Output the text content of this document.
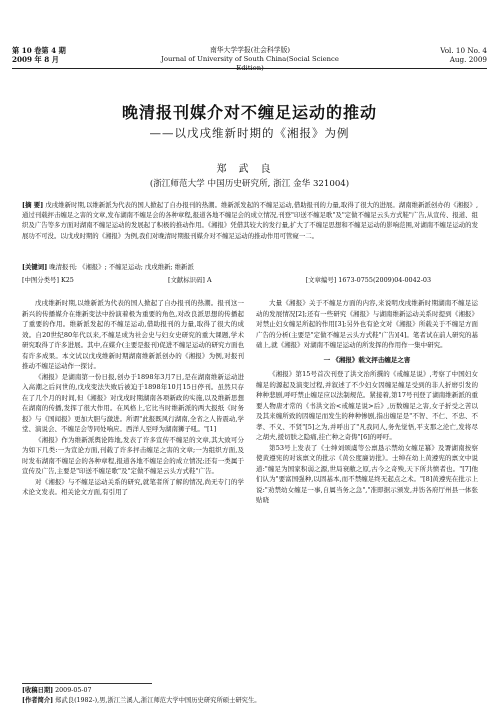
第 10 卷第 4 期
2009 年 8 月
南华大学学报(社会科学版)
Journal of University of South China(Social Science Edition)
Vol. 10 No. 4
Aug. 2009
晚清报刊媒介对不缠足运动的推动
——以戊戌维新时期的《湘报》为例
郑武良
(浙江师范大学 中国历史研究所, 浙江 金华 321004)
[摘 要] 戊戌维新时期,以维新派为代表的国人掀起了自办报刊的热潮。维新派发起的不缠足运动,借助报刊的力量,取得了很大的进展。湖南维新派创办的《湘报》,通过刊载抨击缠足之害的文章,发布湖南不缠足会的各种章程,报道各地不缠足会的成立情况,刊登"印送不缠足歌"及"定做不缠足云头方式鞋"广告,从宣传、报道、组织及广告等多方面对湖南不缠足运动的发展起了积极的推动作用。《湘报》凭借其较大的发行量,扩大了不缠足思想和不缠足运动的影响范围,对湖南不缠足运动的发展功不可没。以戊戌时期的《湘报》为例,我们对晚清时期报刊媒介对不缠足运动的推动作用可管窥一二。
[关键词] 晚清报刊; 《湘报》; 不缠足运动; 戊戌维新; 维新派
[中图分类号] K25	[文献标识码] A	[文章编号] 1673-0755(2009)04-0042-03

戊戌维新时期,以维新派为代表的国人掀起了自办报刊的热潮。报刊这一新兴的传播媒介在维新变法中扮演着极为重要的角色,对改良派思想的传播起了重要的作用。维新派发起的不缠足运动,借助报刊的力量,取得了很大的成效。自20世纪80年代以来,不缠足成为社会史与妇女史研究的重大课题,学术研究取得了许多进展。其中,在媒介(主要是报刊)促进不缠足运动的研究方面也有许多成果。本文试以戊戌维新时期湖南维新派创办的《湘报》为例,对报刊推动不缠足运动作一探讨。

《湘报》是湖南第一份日报,创办于1898年3月7日,是在湖南维新运动进入高潮之后问世的,戊戌变法失败后被迫于1898年10月15日停刊。虽然只存在了几个月的时间,但《湘报》对戊戌时期湖南各项新政的实施,以及维新思想在湖南的传播,发挥了很大作用。在风格上,它比当时维新派的两大报纸《时务报》与《国闻报》更加大胆与激进。所谓"此报既风行湖南,全省之人皆震动,学堂、演说会、不缠足会等同处响应。西洋人至呼为湖南狮子吼。"[1]

《湘报》作为维新派舆论阵地,发表了许多宣传不缠足的文章,其大致可分为如下几类:一为宣论方面,刊载了许多抨击缠足之害的文章;一为组织方面,及时发布湖南不缠足会的各种章程,报道各地不缠足会的成立情况;还有一类属于宣传及广告,主要是"印送不缠足歌"及"定做不缠足云头方式鞋"广告。

对《湘报》与不缠足运动关系的研究,就笔者所了解的情况,尚无专门的学术论文发表。相关论文方面,有引用了

大量《湘报》关于不缠足方面的内容,来说明戊戌维新时期湖南不缠足运动的发展情况[2];还有一些研究《湘报》与湖南维新运动关系时提到《湘报》对禁止妇女缠足所起的作用[3];另外也有论文对《湘报》所载关于不缠足方面广告的分析(主要是"定做不缠足云头方式鞋"广告)[4]。笔者试在前人研究的基础上,就《湘报》对湖南不缠足运动的所发挥的作用作一集中研究。

一 《湘报》载文抨击缠足之害

《湘报》第15号首次刊登了洪文治所撰的《戒缠足说》,考察了中国妇女缠足的源起及演变过程,并叙述了不少妇女因缠足缠足受到的非人折磨引发的种种悲剧,呼吁禁止缠足应以法制规范。紧接着,第17号刊登了湖南维新派的重要人物唐才常的《书洪文治<戒缠足说>后》,历数缠足之害,女子折受之苦以及其来缠所致的因缠足而发生的种种惨剧,指出缠足是"不智、不仁、不忠、不孝、不义、不贤"[5]之为,并呼出了"凡我同人,务先觉悟,平支那之沦亡,发将尽之胡夫,援切肤之隐痛,挂亡种之奇俦"[6]的呼吁。

第53号上发表了《士绅刘颂虞等公禀恳示禁幼女缠足纂》及署湖南按察使黄遵宪的对该禀文的批示《黄公度廉访批》。士绅在幼上黄遵宪的禀文中说道:"缠足为国家积弱之源,世局衰敝之原,古今之奇殃,天下所共愤者也。"[7]他们认为"要富国强种,以固基本,而不禁缠足终无起点之术。"[8]黄遵宪在批示上说:"劝禁幼女缠足一事,自属当务之急","准即据示颁发,并饬各府厅州县一体张贴晓

[收稿日期] 2009-05-07
[作者简介] 郑武良(1982-),男,浙江兰溪人,浙江师范大学中国历史研究所硕士研究生。
